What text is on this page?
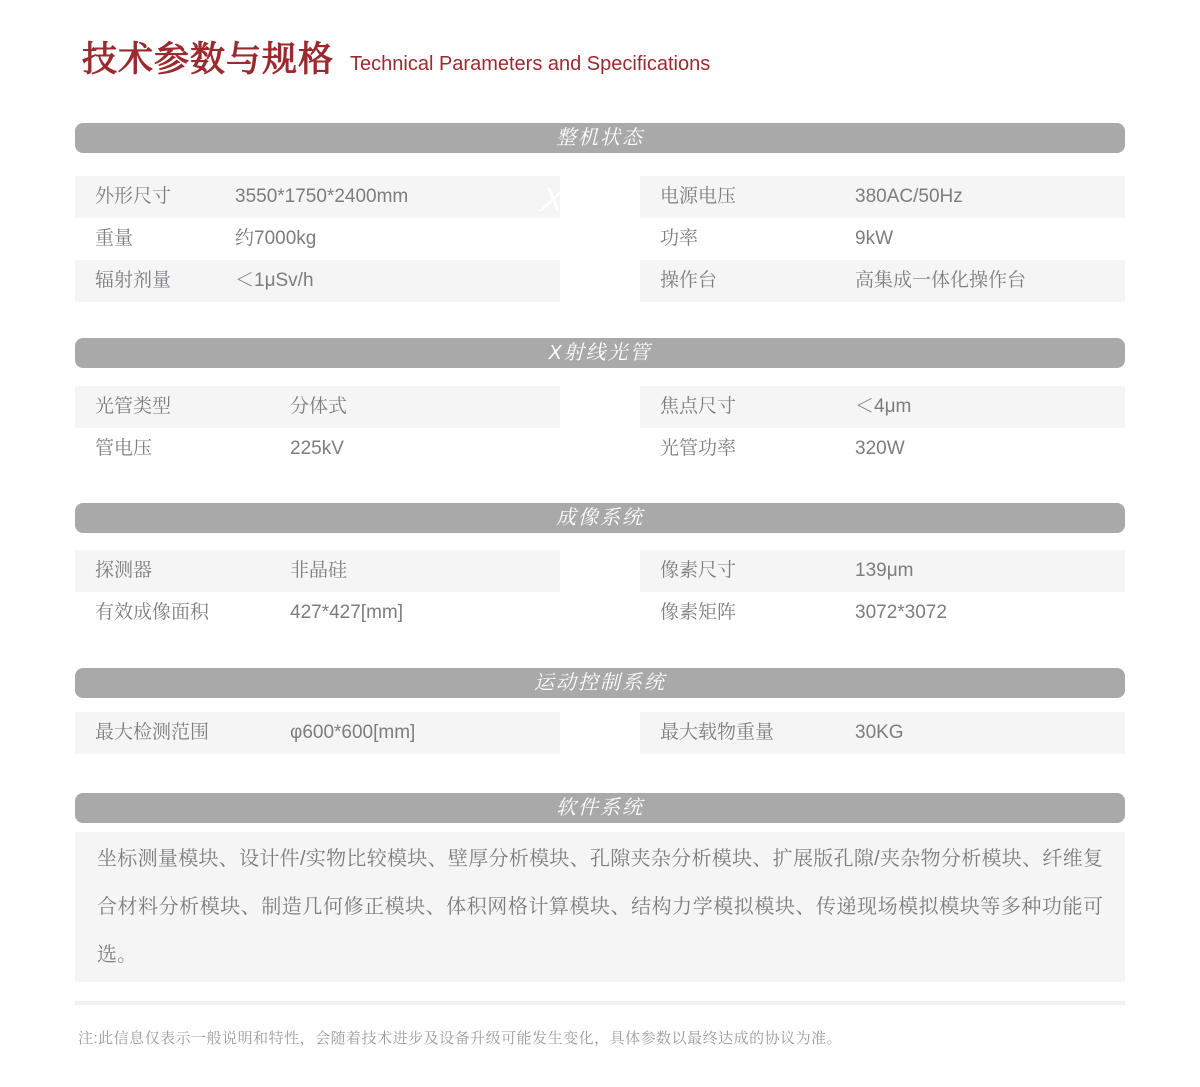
技术参数与规格 Technical Parameters and Specifications
整机状态
外形尺寸	3550*1750*2400mm
重量	约7000kg
辐射剂量	＜1μSv/h
电源电压	380AC/50Hz
功率	9kW
操作台	高集成一体化操作台
X射线光管
光管类型	分体式
管电压	225kV
焦点尺寸	＜4μm
光管功率	320W
成像系统
探测器	非晶硅
有效成像面积	427*427[mm]
像素尺寸	139μm
像素矩阵	3072*3072
运动控制系统
最大检测范围	φ600*600[mm]	最大载物重量	30KG
软件系统
坐标测量模块、设计件/实物比较模块、壁厚分析模块、孔隙夹杂分析模块、扩展版孔隙/夹杂物分析模块、纤维复合材料分析模块、制造几何修正模块、体积网格计算模块、结构力学模拟模块、传递现场模拟模块等多种功能可选。
X
注:此信息仅表示一般说明和特性，会随着技术进步及设备升级可能发生变化，具体参数以最终达成的协议为准。
